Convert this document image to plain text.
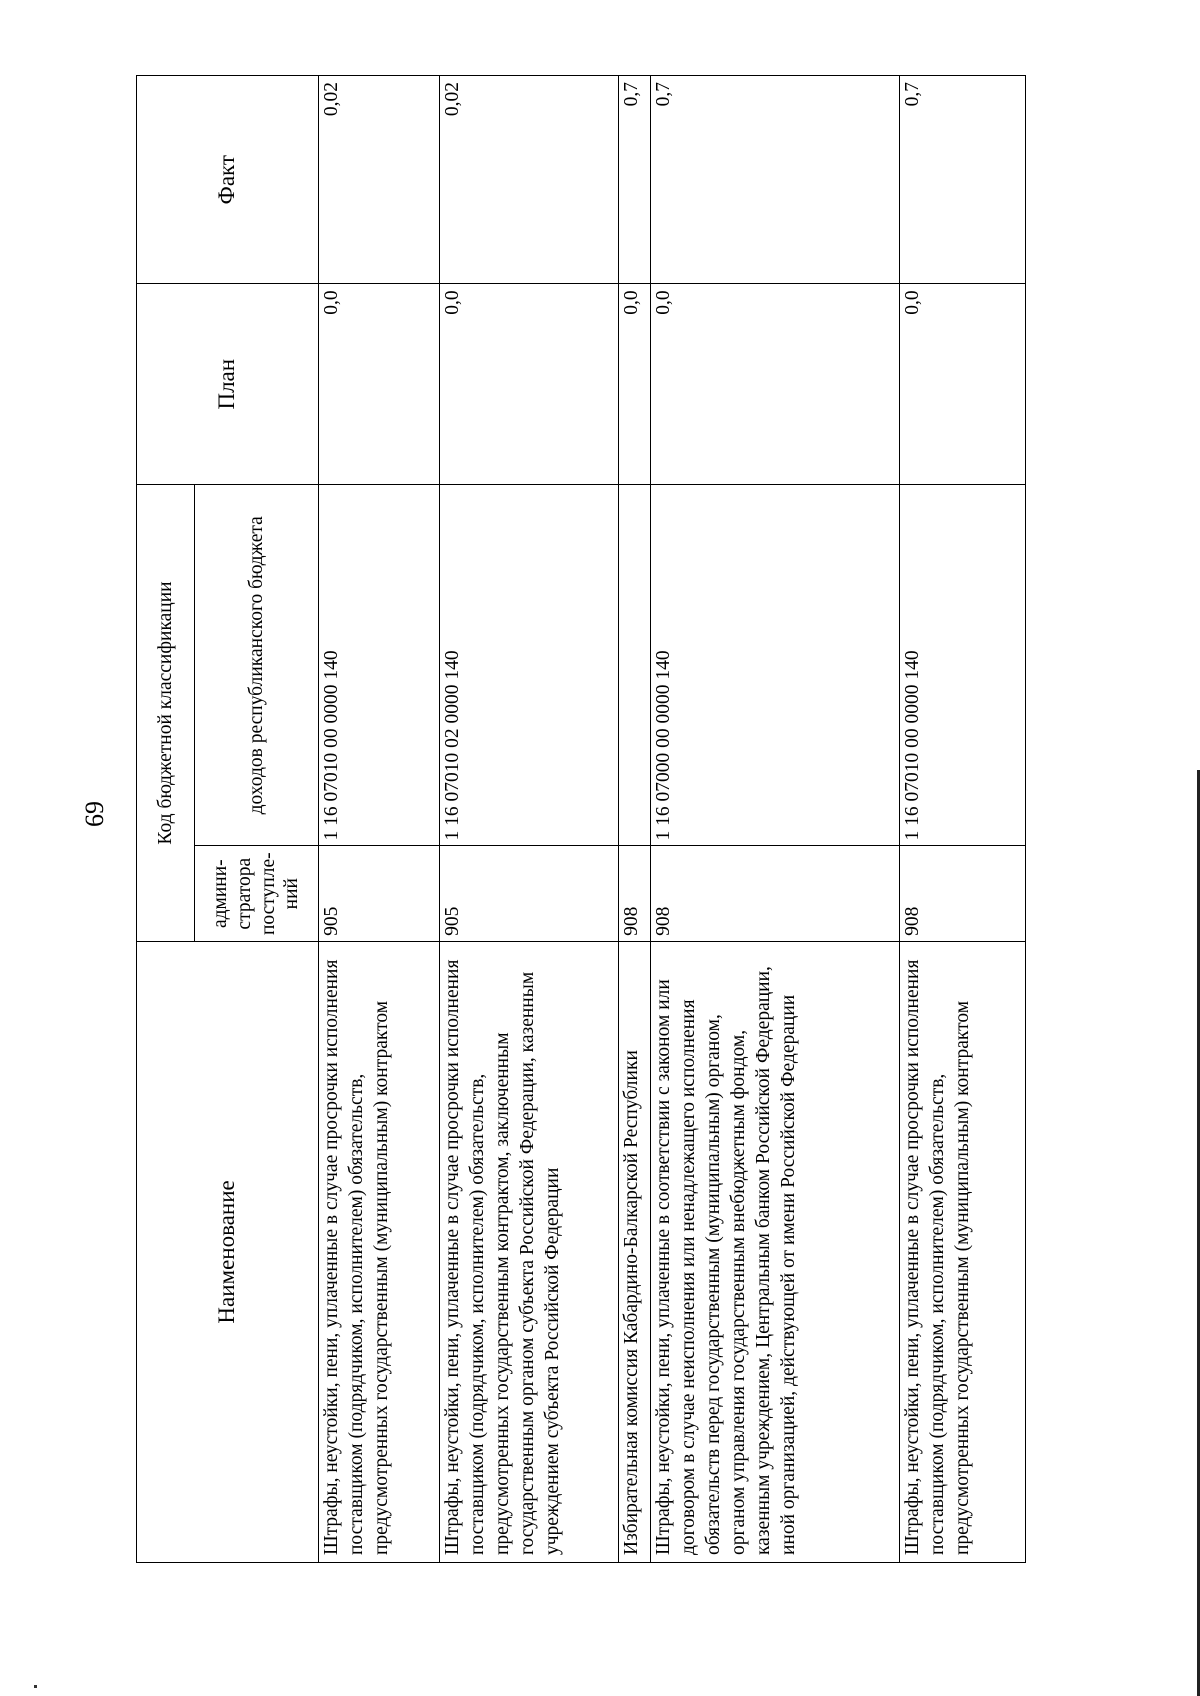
69
Наименование	Код бюджетной классификации		План	Факт
	админи- стратора поступле- ний	доходов республиканского бюджета		
Штрафы, неустойки, пени, уплаченные в случае просрочки исполнения поставщиком (подрядчиком, исполнителем) обязательств, предусмотренных государственным (муниципальным) контрактом	905	1 16 07010 00 0000 140	0,0	0,02
Штрафы, неустойки, пени, уплаченные в случае просрочки исполнения поставщиком (подрядчиком, исполнителем) обязательств, предусмотренных государственным контрактом, заключенным государственным органом субъекта Российской Федерации, казенным учреждением субъекта Российской Федерации	905	1 16 07010 02 0000 140	0,0	0,02
Избирательная комиссия Кабардино-Балкарской Республики	908		0,0	0,7
Штрафы, неустойки, пени, уплаченные в соответствии с законом или договором в случае неисполнения или ненадлежащего исполнения обязательств перед государственным (муниципальным) органом, органом управления государственным внебюджетным фондом, казенным учреждением, Центральным банком Российской Федерации, иной организацией, действующей от имени Российской Федерации	908	1 16 07000 00 0000 140	0,0	0,7
Штрафы, неустойки, пени, уплаченные в случае просрочки исполнения поставщиком (подрядчиком, исполнителем) обязательств, предусмотренных государственным (муниципальным) контрактом	908	1 16 07010 00 0000 140	0,0	0,7
